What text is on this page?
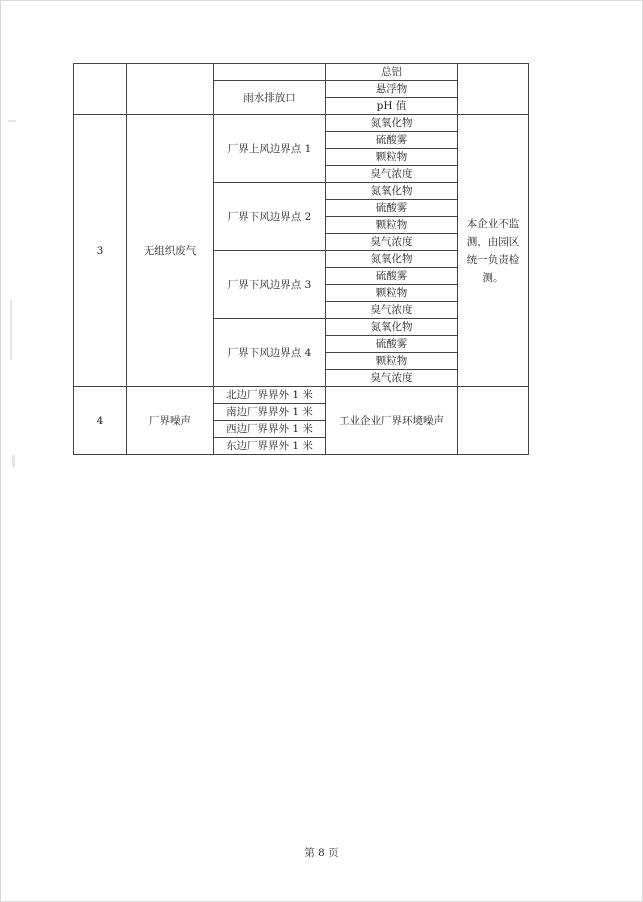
			总铝	
		雨水排放口	悬浮物	
			pH 值	
3	无组织废气	厂界上风边界点 1	氮氧化物	本企业不监测，由园区统一负责检测。
			硫酸雾	
			颗粒物	
			臭气浓度	
		厂界下风边界点 2	氮氧化物	
			硫酸雾	
			颗粒物	
			臭气浓度	
		厂界下风边界点 3	氮氧化物	
			硫酸雾	
			颗粒物	
			臭气浓度	
		厂界下风边界点 4	氮氧化物	
			硫酸雾	
			颗粒物	
			臭气浓度	
4	厂界噪声	北边厂界界外 1 米	工业企业厂界环境噪声	
		南边厂界界外 1 米		
		西边厂界界外 1 米		
		东边厂界界外 1 米		
第 8 页
